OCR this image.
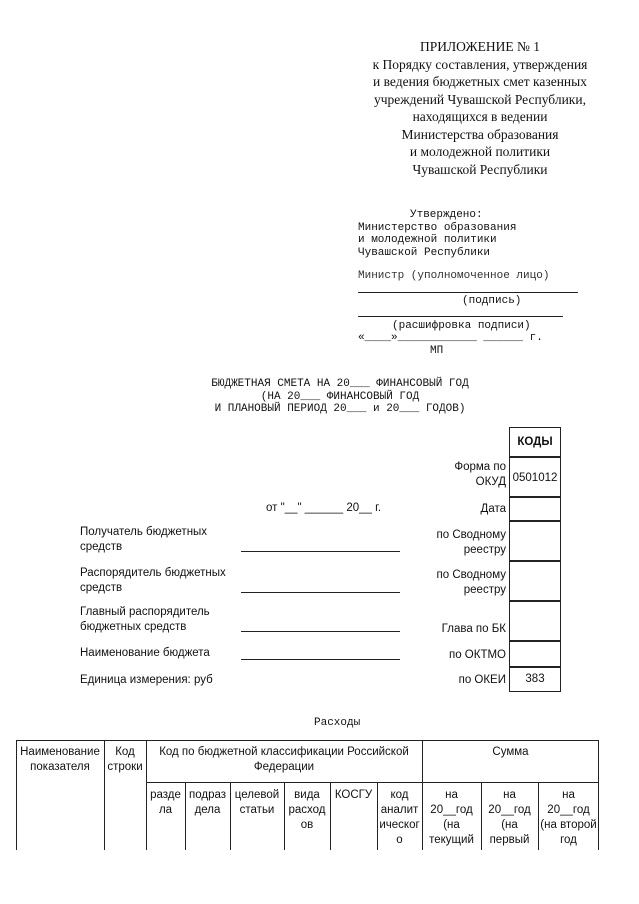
ПРИЛОЖЕНИЕ № 1
к Порядку составления, утверждения
и ведения бюджетных смет казенных
учреждений Чувашской Республики,
находящихся в ведении
Министерства образования
и молодежной политики
Чувашской Республики
Утверждено:
Министерство образования
и молодежной политики
Чувашской Республики
Министр (уполномоченное лицо)
(подпись)
(расшифровка подписи)
«____»____________ ______ г.
МП
БЮДЖЕТНАЯ СМЕТА НА 20___ ФИНАНСОВЫЙ ГОД
(НА 20___ ФИНАНСОВЫЙ ГОД
И ПЛАНОВЫЙ ПЕРИОД 20___ и 20___ ГОДОВ)
КОДЫ
0501012
383
Форма по
ОКУД
Дата
по Сводному
реестру
по Сводному
реестру
Глава по БК
по ОКТМО
по ОКЕИ
от "__" ______ 20__ г.
Получатель бюджетных
средств
Распорядитель бюджетных
средств
Главный распорядитель
бюджетных средств
Наименование бюджета
Единица измерения: руб
Расходы
Наименование
показателя
Код
строки
Код по бюджетной классификации Российской
Федерации
Сумма
разде
ла
подраз
дела
целевой
статьи
вида
расход
ов
КОСГУ	код
аналит
ическог
о
на
20__год
(на
текущий
на
20__год
(на
первый
на
20__год
(на второй
год
